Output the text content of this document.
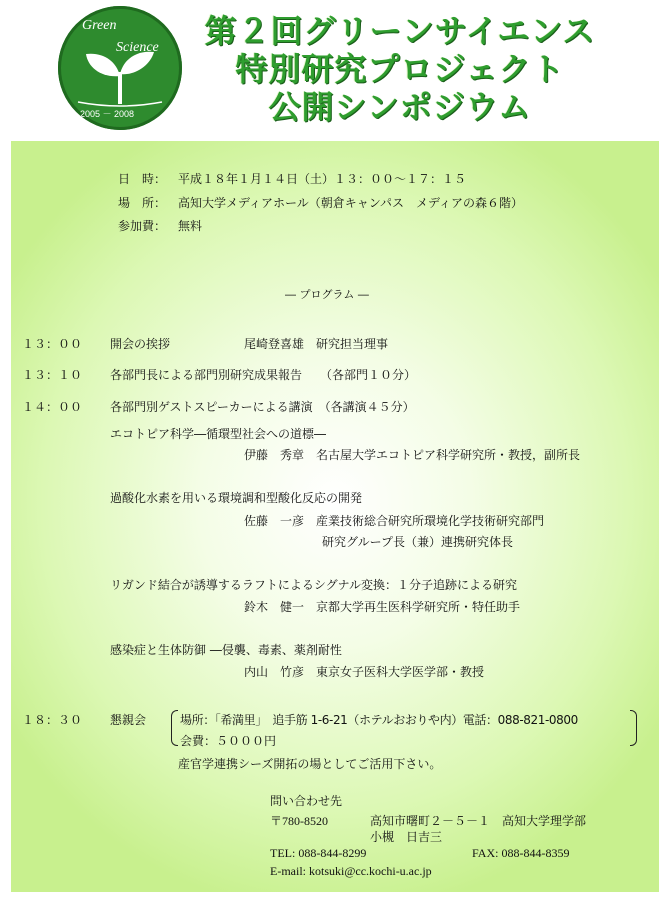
Green
Science
2005 － 2008
第２回グリーンサイエンス
特別研究プロジェクト
公開シンポジウム
日　時： 平成１８年１月１４日（土）１３：００～１７：１５
場　所： 高知大学メディアホール（朝倉キャンパス　メディアの森６階）
参加費： 無料
― プログラム ―
１３：００ 開会の挨拶	尾崎登喜雄　研究担当理事
１３：１０ 各部門長による部門別研究成果報告　　（各部門１０分）
１４：００ 各部門別ゲストスピーカーによる講演　（各講演４５分）
エコトピア科学―循環型社会への道標―
伊藤　秀章　名古屋大学エコトピア科学研究所・教授，副所長
過酸化水素を用いる環境調和型酸化反応の開発
佐藤　一彦　産業技術総合研究所環境化学技術研究部門
研究グループ長（兼）連携研究体長
リガンド結合が誘導するラフトによるシグナル変換：１分子追跡による研究
鈴木　健一　京都大学再生医科学研究所・特任助手
感染症と生体防御 ―侵襲、毒素、薬剤耐性
内山　竹彦　東京女子医科大学医学部・教授
１８：３０ 懇親会	場所：「希満里」　追手筋 1-6-21（ホテルおおりや内）電話：088-821-0800
会費：５０００円
産官学連携シーズ開拓の場としてご活用下さい。
問い合わせ先
〒780-8520	高知市曙町２－５－１　高知大学理学部
小槻　日吉三
TEL: 088-844-8299	FAX: 088-844-8359
E-mail: kotsuki@cc.kochi-u.ac.jp
